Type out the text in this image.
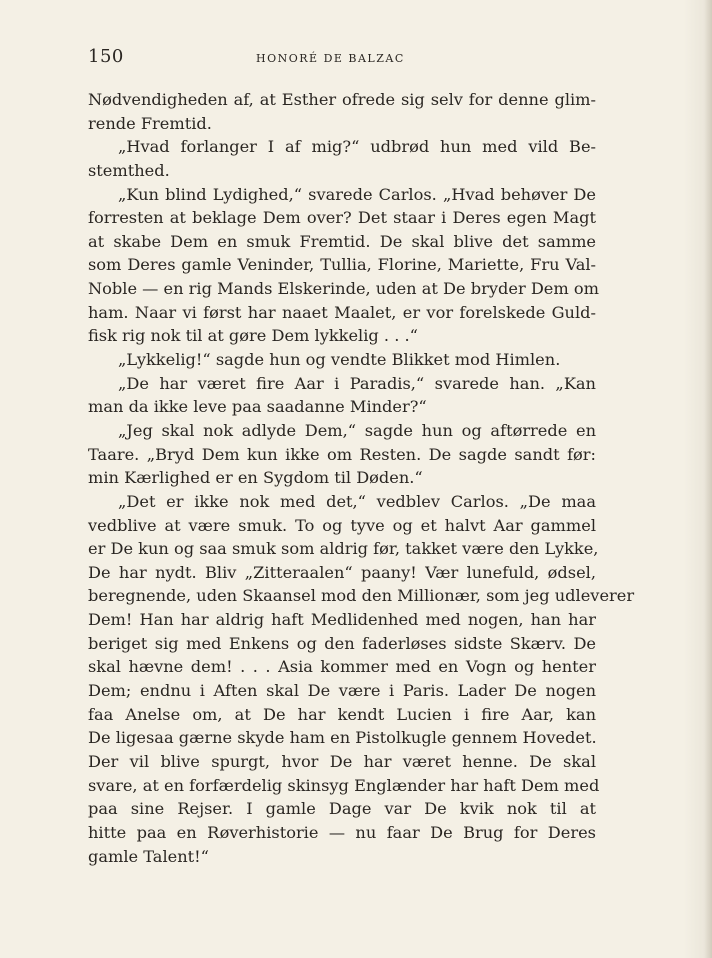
150	HONORÉ DE BALZAC
Nødvendigheden af, at Esther ofrede sig selv for denne glim-
rende Fremtid.
„Hvad forlanger I af mig?“ udbrød hun med vild Be-
stemthed.
„Kun blind Lydighed,“ svarede Carlos. „Hvad behøver De
forresten at beklage Dem over? Det staar i Deres egen Magt
at skabe Dem en smuk Fremtid. De skal blive det samme
som Deres gamle Veninder, Tullia, Florine, Mariette, Fru Val-
Noble — en rig Mands Elskerinde, uden at De bryder Dem om
ham. Naar vi først har naaet Maalet, er vor forelskede Guld-
fisk rig nok til at gøre Dem lykkelig . . .“
„Lykkelig!“ sagde hun og vendte Blikket mod Himlen.
„De har været fire Aar i Paradis,“ svarede han. „Kan
man da ikke leve paa saadanne Minder?“
„Jeg skal nok adlyde Dem,“ sagde hun og aftørrede en
Taare. „Bryd Dem kun ikke om Resten. De sagde sandt før:
min Kærlighed er en Sygdom til Døden.“
„Det er ikke nok med det,“ vedblev Carlos. „De maa
vedblive at være smuk. To og tyve og et halvt Aar gammel
er De kun og saa smuk som aldrig før, takket være den Lykke,
De har nydt. Bliv „Zitteraalen“ paany! Vær lunefuld, ødsel,
beregnende, uden Skaansel mod den Millionær, som jeg udleverer
Dem! Han har aldrig haft Medlidenhed med nogen, han har
beriget sig med Enkens og den faderløses sidste Skærv. De
skal hævne dem! . . . Asia kommer med en Vogn og henter
Dem; endnu i Aften skal De være i Paris. Lader De nogen
faa Anelse om, at De har kendt Lucien i fire Aar, kan
De ligesaa gærne skyde ham en Pistolkugle gennem Hovedet.
Der vil blive spurgt, hvor De har været henne. De skal
svare, at en forfærdelig skinsyg Englænder har haft Dem med
paa sine Rejser. I gamle Dage var De kvik nok til at
hitte paa en Røverhistorie — nu faar De Brug for Deres
gamle Talent!“
